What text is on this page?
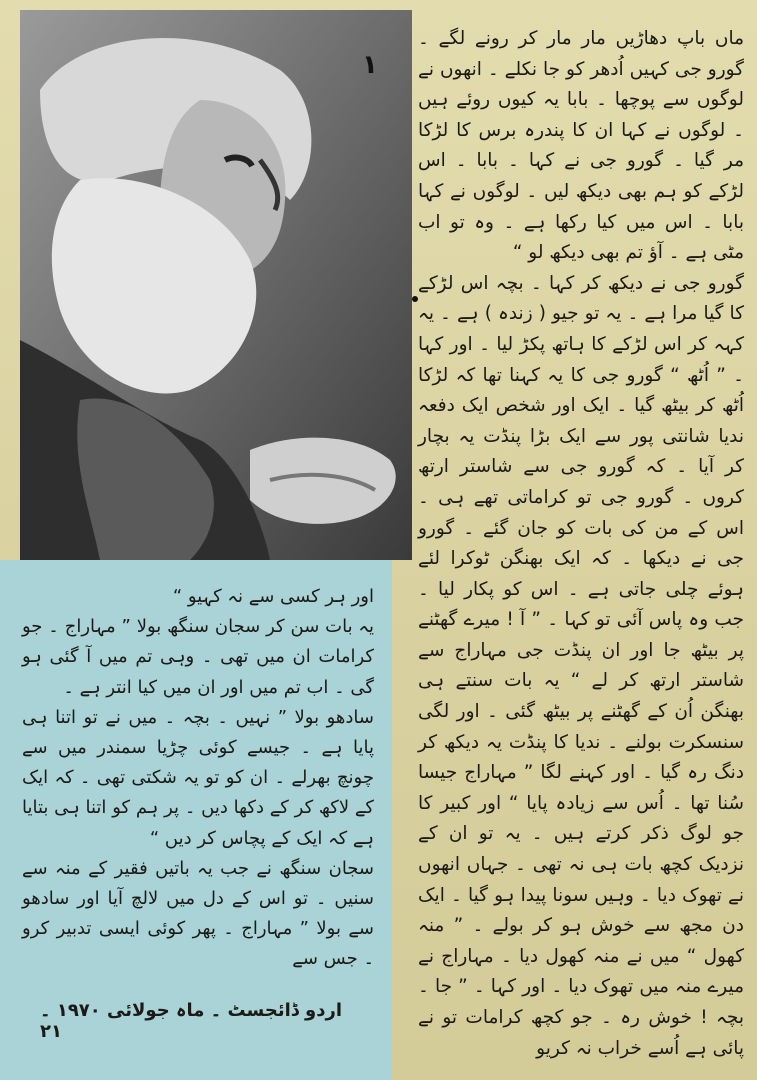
۱
ماں باپ دھاڑیں مار مار کر رونے لگے ۔ گورو جی کہیں اُدھر کو جا نکلے ۔ انھوں نے لوگوں سے پوچھا ۔ بابا یہ کیوں روئے ہیں ۔ لوگوں نے کہا ان کا پندرہ برس کا لڑکا مر گیا ۔ گورو جی نے کہا ۔ بابا ۔ اس لڑکے کو ہم بھی دیکھ لیں ۔ لوگوں نے کہا بابا ۔ اس میں کیا رکھا ہے ۔ وہ تو اب مٹی ہے ۔ آؤ تم بھی دیکھ لو “
گورو جی نے دیکھ کر کہا ۔ بچہ اس لڑکے کا گیا مرا ہے ۔ یہ تو جیو ( زندہ ) ہے ۔ یہ کہہ کر اس لڑکے کا ہاتھ پکڑ لیا ۔ اور کہا ۔ ” اُٹھ “ گورو جی کا یہ کہنا تھا کہ لڑکا اُٹھ کر بیٹھ گیا ۔ ایک اور شخص ایک دفعہ ندیا شانتی پور سے ایک بڑا پنڈت یہ بچار کر آیا ۔ کہ گورو جی سے شاستر ارتھ کروں ۔ گورو جی تو کراماتی تھے ہی ۔ اس کے من کی بات کو جان گئے ۔ گورو جی نے دیکھا ۔ کہ ایک بھنگن ٹوکرا لئے ہوئے چلی جاتی ہے ۔ اس کو پکار لیا ۔ جب وہ پاس آئی تو کہا ۔ ” آ ! میرے گھٹنے پر بیٹھ جا اور ان پنڈت جی مہاراج سے شاستر ارتھ کر لے “ یہ بات سنتے ہی بھنگن اُن کے گھٹنے پر بیٹھ گئی ۔ اور لگی سنسکرت بولنے ۔ ندیا کا پنڈت یہ دیکھ کر دنگ رہ گیا ۔ اور کہنے لگا ” مہاراج جیسا سُنا تھا ۔ اُس سے زیادہ پایا “ اور کبیر کا جو لوگ ذکر کرتے ہیں ۔ یہ تو ان کے نزدیک کچھ بات ہی نہ تھی ۔ جہاں انھوں نے تھوک دیا ۔ وہیں سونا پیدا ہو گیا ۔ ایک دن مجھ سے خوش ہو کر بولے ۔ ” منہ کھول “ میں نے منہ کھول دیا ۔ مہاراج نے میرے منہ میں تھوک دیا ۔ اور کہا ۔ ” جا ۔ بچہ ! خوش رہ ۔ جو کچھ کرامات تو نے پائی ہے اُسے خراب نہ کریو
اور ہر کسی سے نہ کہیو “
یہ بات سن کر سجان سنگھ بولا ” مہاراج ۔ جو کرامات ان میں تھی ۔ وہی تم میں آ گئی ہو گی ۔ اب تم میں اور ان میں کیا انتر ہے ۔
سادھو بولا ” نہیں ۔ بچہ ۔ میں نے تو اتنا ہی پایا ہے ۔ جیسے کوئی چڑیا سمندر میں سے چونچ بھرلے ۔ ان کو تو یہ شکتی تھی ۔ کہ ایک کے لاکھ کر کے دکھا دیں ۔ پر ہم کو اتنا ہی بتایا ہے کہ ایک کے پچاس کر دیں “
سجان سنگھ نے جب یہ باتیں فقیر کے منہ سے سنیں ۔ تو اس کے دل میں لالچ آیا اور سادھو سے بولا ” مہاراج ۔ پھر کوئی ایسی تدبیر کرو ۔ جس سے
اردو ڈائجسٹ ۔ ماہ جولائی ۱۹۷۰ ۔ ۲۱
